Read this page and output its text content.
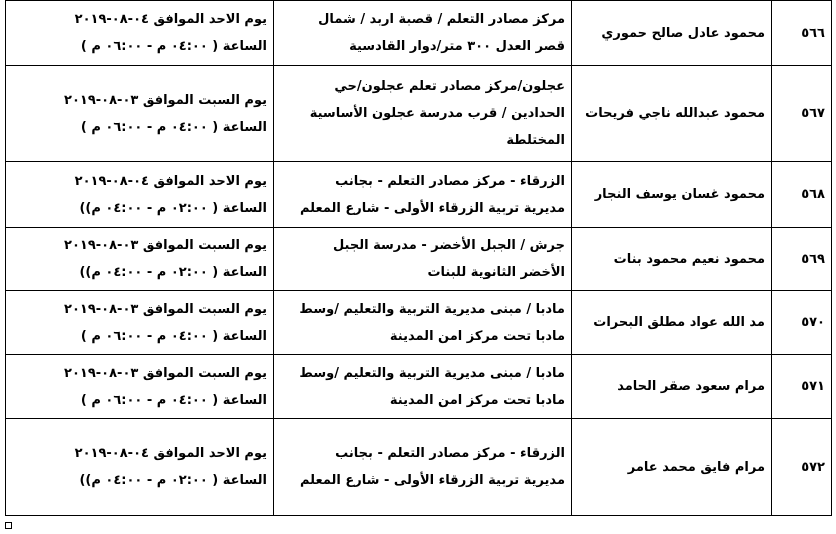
٥٦٦	محمود عادل صالح حموري	مركز مصادر التعلم / قصبة اربد / شمال
قصر العدل ٣٠٠ متر/دوار القادسية	يوم الاحد الموافق ٠٤-٠٨-٢٠١٩
الساعة ( ٠٤:٠٠ م - ٠٦:٠٠ م )

٥٦٧	محمود عبدالله ناجي فريحات	عجلون/مركز مصادر تعلم عجلون/حي
الحدادين / قرب مدرسة عجلون الأساسية
المختلطة	يوم السبت الموافق ٠٣-٠٨-٢٠١٩
الساعة ( ٠٤:٠٠ م - ٠٦:٠٠ م )

٥٦٨	محمود غسان يوسف النجار	الزرقاء - مركز مصادر التعلم - بجانب
مديرية تربية الزرقاء الأولى - شارع المعلم	يوم الاحد الموافق ٠٤-٠٨-٢٠١٩
الساعة ( ٠٢:٠٠ م - ٠٤:٠٠ م))

٥٦٩	محمود نعيم محمود بنات	جرش / الجبل الأخضر - مدرسة الجبل
الأخضر الثانوية للبنات	يوم السبت الموافق ٠٣-٠٨-٢٠١٩
الساعة ( ٠٢:٠٠ م - ٠٤:٠٠ م))

٥٧٠	مد الله عواد مطلق البحرات	مادبا / مبنى مديرية التربية والتعليم /وسط
مادبا تحت مركز امن المدينة	يوم السبت الموافق ٠٣-٠٨-٢٠١٩
الساعة ( ٠٤:٠٠ م - ٠٦:٠٠ م )

٥٧١	مرام سعود صقر الحامد	مادبا / مبنى مديرية التربية والتعليم /وسط
مادبا تحت مركز امن المدينة	يوم السبت الموافق ٠٣-٠٨-٢٠١٩
الساعة ( ٠٤:٠٠ م - ٠٦:٠٠ م )

٥٧٢	مرام فايق محمد عامر	الزرقاء - مركز مصادر التعلم - بجانب
مديرية تربية الزرقاء الأولى - شارع المعلم	يوم الاحد الموافق ٠٤-٠٨-٢٠١٩
الساعة ( ٠٢:٠٠ م - ٠٤:٠٠ م))
